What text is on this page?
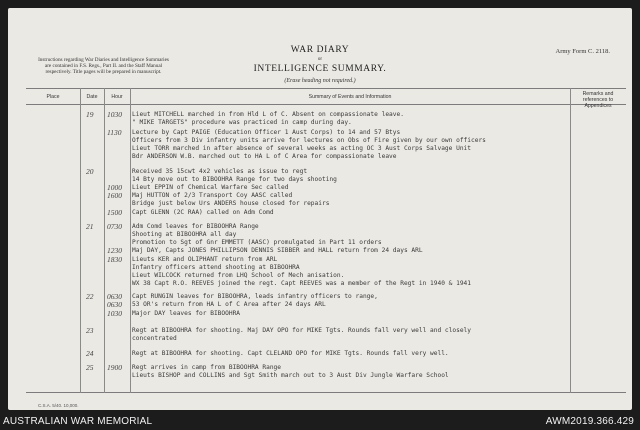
Instructions regarding War Diaries and Intelligence Summaries are contained in F.S. Regs., Part II. and the Staff Manual respectively. Title pages will be prepared in manuscript.
WAR DIARY
or
INTELLIGENCE SUMMARY.
(Erase heading not required.)
Army Form C. 2118.
Place	Date	Hour	Summary of Events and Information	Remarks and references to Appendices
19 1030 Lieut MITCHELL marched in from Hld L of C. Absent on compassionate leave.
" MIKE TARGETS" procedure was practiced in camp during day.
1130 Lecture by Capt PAIGE (Education Officer 1 Aust Corps) to 14 and 57 Btys
Officers from 3 Div infantry units arrive for lectures on Obs of Fire given by our own officers
Lieut TORR marched in after absence of several weeks as acting OC 3 Aust Corps Salvage Unit
Bdr ANDERSON W.B. marched out to HA L of C Area for compassionate leave
20	Received 35 15cwt 4x2 vehicles as issue to regt
14 Bty move out to BIBOOHRA Range for two days shooting
1000 Lieut EPPIN of Chemical Warfare Sec called
1600 Maj HUTTON of 2/3 Transport Coy AASC called
Bridge just below Urs ANDERS house closed for repairs
1500 Capt GLENN (2C RAA) called on Adm Comd
21 0730 Adm Comd leaves for BIBOOHRA Range
Shooting at BIBOOHRA all day
Promotion to Sgt of Gnr EMMETT (AASC) promulgated in Part 11 orders
1230 Maj DAY, Capts JONES PHILLIPSON DENNIS SIBBER and HALL return from 24 days ARL
1830 Lieuts KER and OLIPHANT return from ARL
Infantry officers attend shooting at BIBOOHRA
Lieut WILCOCK returned from LHQ School of Mech anisation.
WX 38 Capt R.O. REEVES joined the regt. Capt REEVES was a member of the Regt in 1940 & 1941
22 0630 Capt RUNGIN leaves for BIBOOHRA, leads infantry officers to range,
0630 53 OR's return from HA L of C Area after 24 days ARL
1030 Major DAY leaves for BIBOOHRA
23	Regt at BIBOOHRA for shooting. Maj DAY OPO for MIKE Tgts. Rounds fall very well and closely
concentrated
24	Regt at BIBOOHRA for shooting. Capt CLELAND OPO for MIKE Tgts. Rounds fall very well.
25 1900 Regt arrives in camp from BIBOOHRA Range
Lieuts BISHOP and COLLINS and Sgt Smith march out to 3 Aust Div Jungle Warfare School
C.S.A. 5/40. 10,000.
AUSTRALIAN WAR MEMORIAL	AWM2019.366.429
